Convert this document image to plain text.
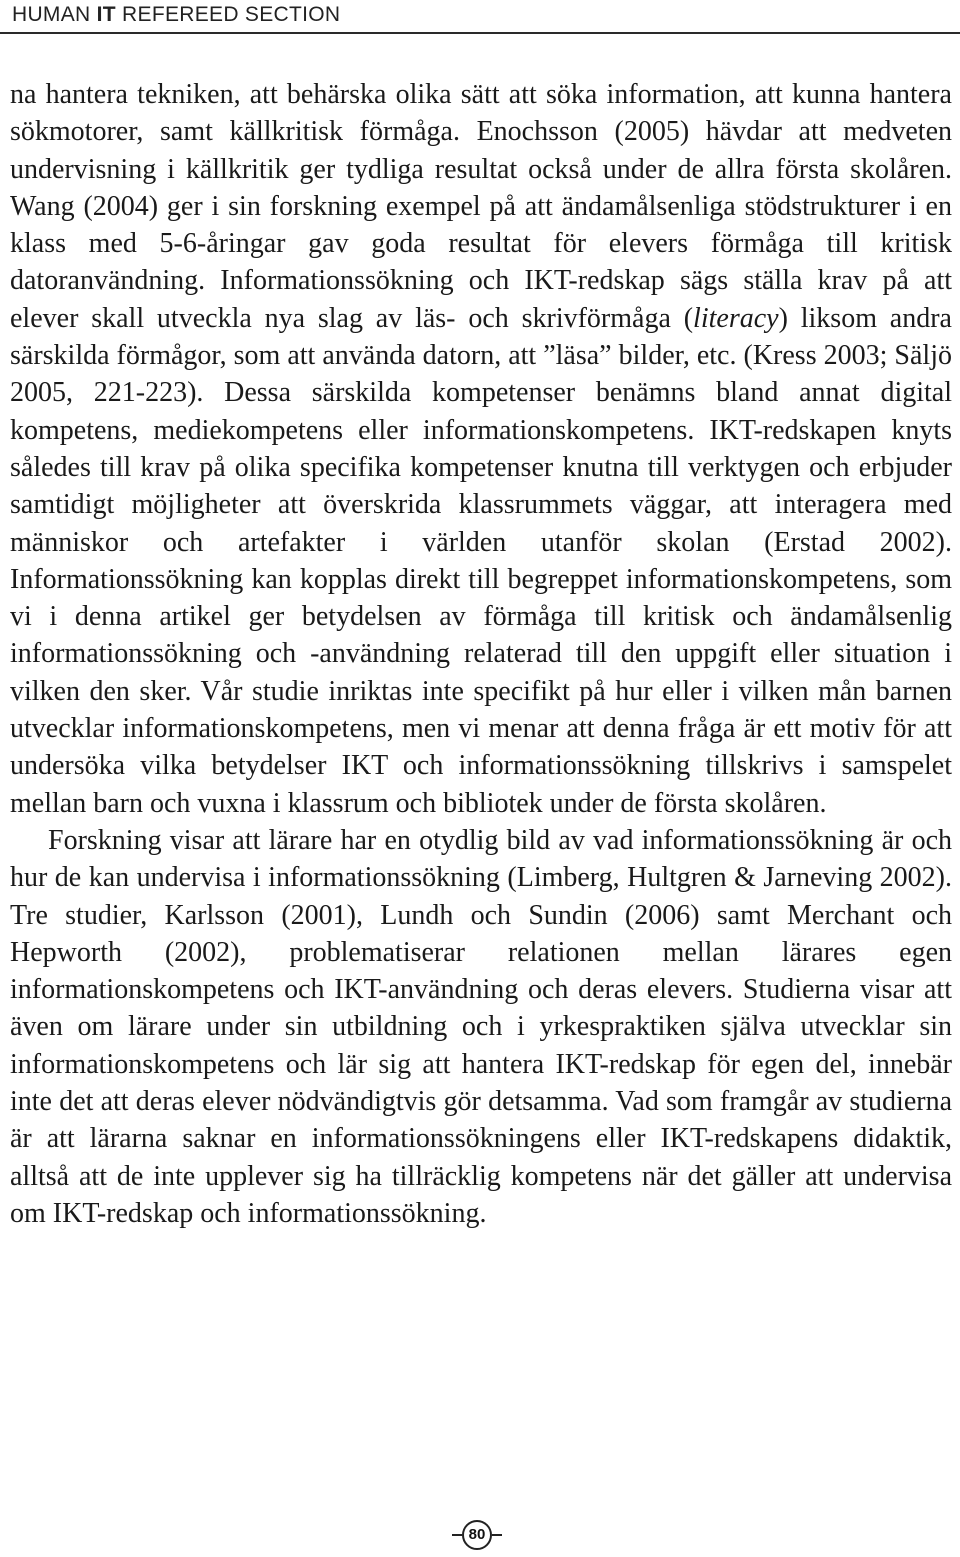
HUMAN IT REFEREED SECTION

na hantera tekniken, att behärska olika sätt att söka information, att kunna hantera sökmotorer, samt källkritisk förmåga. Enochsson (2005) hävdar att medveten undervisning i källkritik ger tydliga resultat också under de allra första skolåren. Wang (2004) ger i sin forskning exempel på att ändamålsenliga stödstrukturer i en klass med 5-6-åringar gav goda resultat för elevers förmåga till kritisk datoranvändning. Informationssökning och IKT-redskap sägs ställa krav på att elever skall utveckla nya slag av läs- och skrivförmåga (literacy) liksom andra särskilda förmågor, som att använda datorn, att ”läsa” bilder, etc. (Kress 2003; Säljö 2005, 221-223). Dessa särskilda kompetenser benämns bland annat digital kompetens, mediekompetens eller informationskompetens. IKT-redskapen knyts således till krav på olika specifika kompetenser knutna till verktygen och erbjuder samtidigt möjligheter att överskrida klassrummets väggar, att interagera med människor och artefakter i världen utanför skolan (Erstad 2002). Informationssökning kan kopplas direkt till begreppet informationskompetens, som vi i denna artikel ger betydelsen av förmåga till kritisk och ändamålsenlig informationssökning och -användning relaterad till den uppgift eller situation i vilken den sker. Vår studie inriktas inte specifikt på hur eller i vilken mån barnen utvecklar informationskompetens, men vi menar att denna fråga är ett motiv för att undersöka vilka betydelser IKT och informationssökning tillskrivs i samspelet mellan barn och vuxna i klassrum och bibliotek under de första skolåren.

Forskning visar att lärare har en otydlig bild av vad informationssökning är och hur de kan undervisa i informationssökning (Limberg, Hultgren & Jarneving 2002). Tre studier, Karlsson (2001), Lundh och Sundin (2006) samt Merchant och Hepworth (2002), problematiserar relationen mellan lärares egen informationskompetens och IKT-användning och deras elevers. Studierna visar att även om lärare under sin utbildning och i yrkespraktiken själva utvecklar sin informationskompetens och lär sig att hantera IKT-redskap för egen del, innebär inte det att deras elever nödvändigtvis gör detsamma. Vad som framgår av studierna är att lärarna saknar en informationssökningens eller IKT-redskapens didaktik, alltså att de inte upplever sig ha tillräcklig kompetens när det gäller att undervisa om IKT-redskap och informationssökning.

80
